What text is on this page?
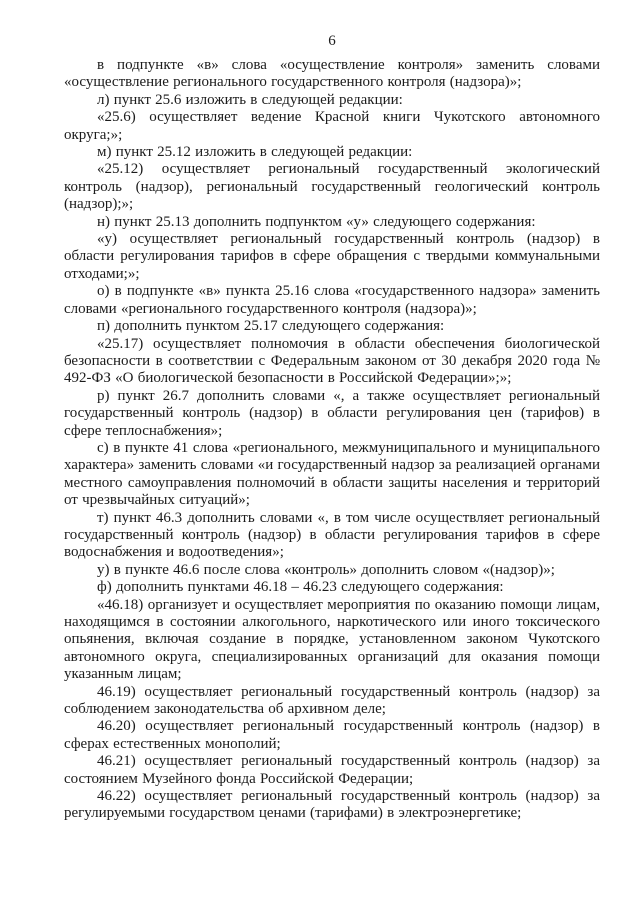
6

в подпункте «в» слова «осуществление контроля» заменить словами «осуществление регионального государственного контроля (надзора)»;

л) пункт 25.6 изложить в следующей редакции:

«25.6) осуществляет ведение Красной книги Чукотского автономного округа;»;

м) пункт 25.12 изложить в следующей редакции:

«25.12) осуществляет региональный государственный экологический контроль (надзор), региональный государственный геологический контроль (надзор);»;

н) пункт 25.13 дополнить подпунктом «у» следующего содержания:

«у) осуществляет региональный государственный контроль (надзор) в области регулирования тарифов в сфере обращения с твердыми коммунальными отходами;»;

о) в подпункте «в» пункта 25.16 слова «государственного надзора» заменить словами «регионального государственного контроля (надзора)»;

п) дополнить пунктом 25.17 следующего содержания:

«25.17) осуществляет полномочия в области обеспечения биологической безопасности в соответствии с Федеральным законом от 30 декабря 2020 года № 492-ФЗ «О биологической безопасности в Российской Федерации»;»;

р) пункт 26.7 дополнить словами «, а также осуществляет региональный государственный контроль (надзор) в области регулирования цен (тарифов) в сфере теплоснабжения»;

с) в пункте 41 слова «регионального, межмуниципального и муниципального характера» заменить словами «и государственный надзор за реализацией органами местного самоуправления полномочий в области защиты населения и территорий от чрезвычайных ситуаций»;

т) пункт 46.3 дополнить словами «, в том числе осуществляет региональный государственный контроль (надзор) в области регулирования тарифов в сфере водоснабжения и водоотведения»;

у) в пункте 46.6 после слова «контроль» дополнить словом «(надзор)»;

ф) дополнить пунктами 46.18 – 46.23 следующего содержания:

«46.18) организует и осуществляет мероприятия по оказанию помощи лицам, находящимся в состоянии алкогольного, наркотического или иного токсического опьянения, включая создание в порядке, установленном законом Чукотского автономного округа, специализированных организаций для оказания помощи указанным лицам;

46.19) осуществляет региональный государственный контроль (надзор) за соблюдением законодательства об архивном деле;

46.20) осуществляет региональный государственный контроль (надзор) в сферах естественных монополий;

46.21) осуществляет региональный государственный контроль (надзор) за состоянием Музейного фонда Российской Федерации;

46.22) осуществляет региональный государственный контроль (надзор) за регулируемыми государством ценами (тарифами) в электроэнергетике;
